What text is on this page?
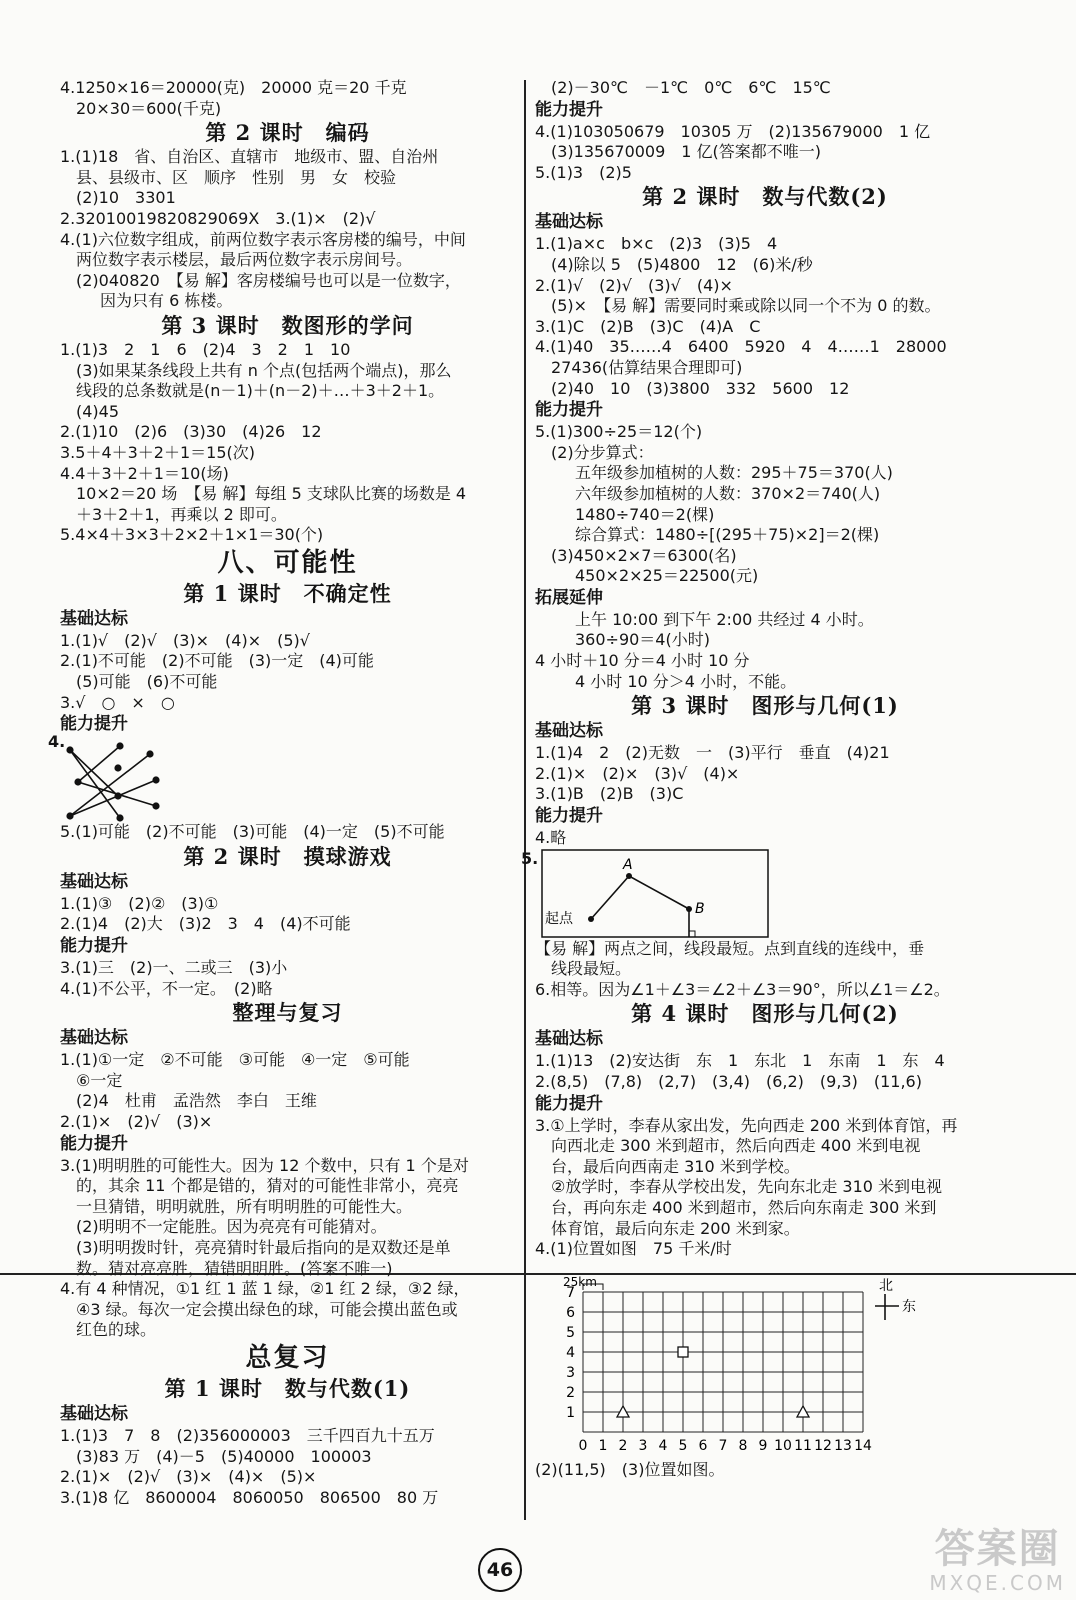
4.1250×16＝20000(克)　20000 克＝20 千克
20×30＝600(千克)
第 2 课时　编码
1.(1)18　省、自治区、直辖市　地级市、盟、自治州
县、县级市、区　顺序　性别　男　女　校验
(2)10　3301
2.32010019820829069X　3.(1)×　(2)√
4.(1)六位数字组成，前两位数字表示客房楼的编号，中间
两位数字表示楼层，最后两位数字表示房间号。
(2)040820　【易 解】客房楼编号也可以是一位数字，
因为只有 6 栋楼。
第 3 课时　数图形的学问
1.(1)3　2　1　6　(2)4　3　2　1　10
(3)如果某条线段上共有 n 个点(包括两个端点)，那么
线段的总条数就是(n－1)＋(n－2)＋…＋3＋2＋1。
(4)45
2.(1)10　(2)6　(3)30　(4)26　12
3.5＋4＋3＋2＋1＝15(次)
4.4＋3＋2＋1＝10(场)
10×2＝20 场　【易 解】每组 5 支球队比赛的场数是 4
＋3＋2＋1，再乘以 2 即可。
5.4×4＋3×3＋2×2＋1×1＝30(个)
八、可能性
第 1 课时　不确定性
基础达标
1.(1)√　(2)√　(3)×　(4)×　(5)√
2.(1)不可能　(2)不可能　(3)一定　(4)可能
(5)可能　(6)不可能
3.√　○　×　○
能力提升
4.
5.(1)可能　(2)不可能　(3)可能　(4)一定　(5)不可能
第 2 课时　摸球游戏
基础达标
1.(1)③　(2)②　(3)①
2.(1)4　(2)大　(3)2　3　4　(4)不可能
能力提升
3.(1)三　(2)一、二或三　(3)小
4.(1)不公平，不一定。　(2)略
整理与复习
基础达标
1.(1)①一定　②不可能　③可能　④一定　⑤可能
⑥一定
(2)4　杜甫　孟浩然　李白　王维
2.(1)×　(2)√　(3)×
能力提升
3.(1)明明胜的可能性大。因为 12 个数中，只有 1 个是对
的，其余 11 个都是错的，猜对的可能性非常小，亮亮
一旦猜错，明明就胜，所有明明胜的可能性大。
(2)明明不一定能胜。因为亮亮有可能猜对。
(3)明明拨时针，亮亮猜时针最后指向的是双数还是单
数。猜对亮亮胜，猜错明明胜。(答案不唯一)
4.有 4 种情况，①1 红 1 蓝 1 绿，②1 红 2 绿，③2 绿，
④3 绿。每次一定会摸出绿色的球，可能会摸出蓝色或
红色的球。
总复习
第 1 课时　数与代数(1)
基础达标
1.(1)3　7　8　(2)356000003　三千四百九十五万
(3)83 万　(4)－5　(5)40000　100003
2.(1)×　(2)√　(3)×　(4)×　(5)×
3.(1)8 亿　8600004　8060050　806500　80 万
(2)－30℃　－1℃　0℃　6℃　15℃
能力提升
4.(1)103050679　10305 万　(2)135679000　1 亿
(3)135670009　1 亿(答案都不唯一)
5.(1)3　(2)5
第 2 课时　数与代数(2)
基础达标
1.(1)a×c　b×c　(2)3　(3)5　4
(4)除以 5　(5)4800　12　(6)米/秒
2.(1)√　(2)√　(3)√　(4)×
(5)×　【易 解】需要同时乘或除以同一个不为 0 的数。
3.(1)C　(2)B　(3)C　(4)A　C
4.(1)40　35……4　6400　5920　4　4……1　28000
27436(估算结果合理即可)
(2)40　10　(3)3800　332　5600　12
能力提升
5.(1)300÷25＝12(个)
(2)分步算式：
五年级参加植树的人数：295＋75＝370(人)
六年级参加植树的人数：370×2＝740(人)
1480÷740＝2(棵)
综合算式：1480÷[(295＋75)×2]＝2(棵)
(3)450×2×7＝6300(名)
450×2×25＝22500(元)
拓展延伸
上午 10:00 到下午 2:00 共经过 4 小时。
360÷90＝4(小时)
4 小时＋10 分＝4 小时 10 分
4 小时 10 分＞4 小时，不能。
第 3 课时　图形与几何(1)
基础达标
1.(1)4　2　(2)无数　一　(3)平行　垂直　(4)21
2.(1)×　(2)×　(3)√　(4)×
3.(1)B　(2)B　(3)C
能力提升
4.略
5.	A
B
起点
【易 解】两点之间，线段最短。点到直线的连线中，垂
线段最短。
6.相等。因为∠1＋∠3＝∠2＋∠3＝90°，所以∠1＝∠2。
第 4 课时　图形与几何(2)
基础达标
1.(1)13　(2)安达街　东　1　东北　1　东南　1　东　4
2.(8,5)　(7,8)　(2,7)　(3,4)　(6,2)　(9,3)　(11,6)
能力提升
3.①上学时，李春从家出发，先向西走 200 米到体育馆，再
向西北走 300 米到超市，然后向西走 400 米到电视
台，最后向西南走 310 米到学校。
②放学时，李春从学校出发，先向东北走 310 米到电视
台，再向东走 400 米到超市，然后向东南走 300 米到
体育馆，最后向东走 200 米到家。
4.(1)位置如图　75 千米/时
0 1 2 3 4 5 6 7 8 9 10 11 12 13 14
1
2
3
4
5
6
7
25km	北
东
(2)(11,5)　(3)位置如图。
46	答案圈
MXQE.COM
